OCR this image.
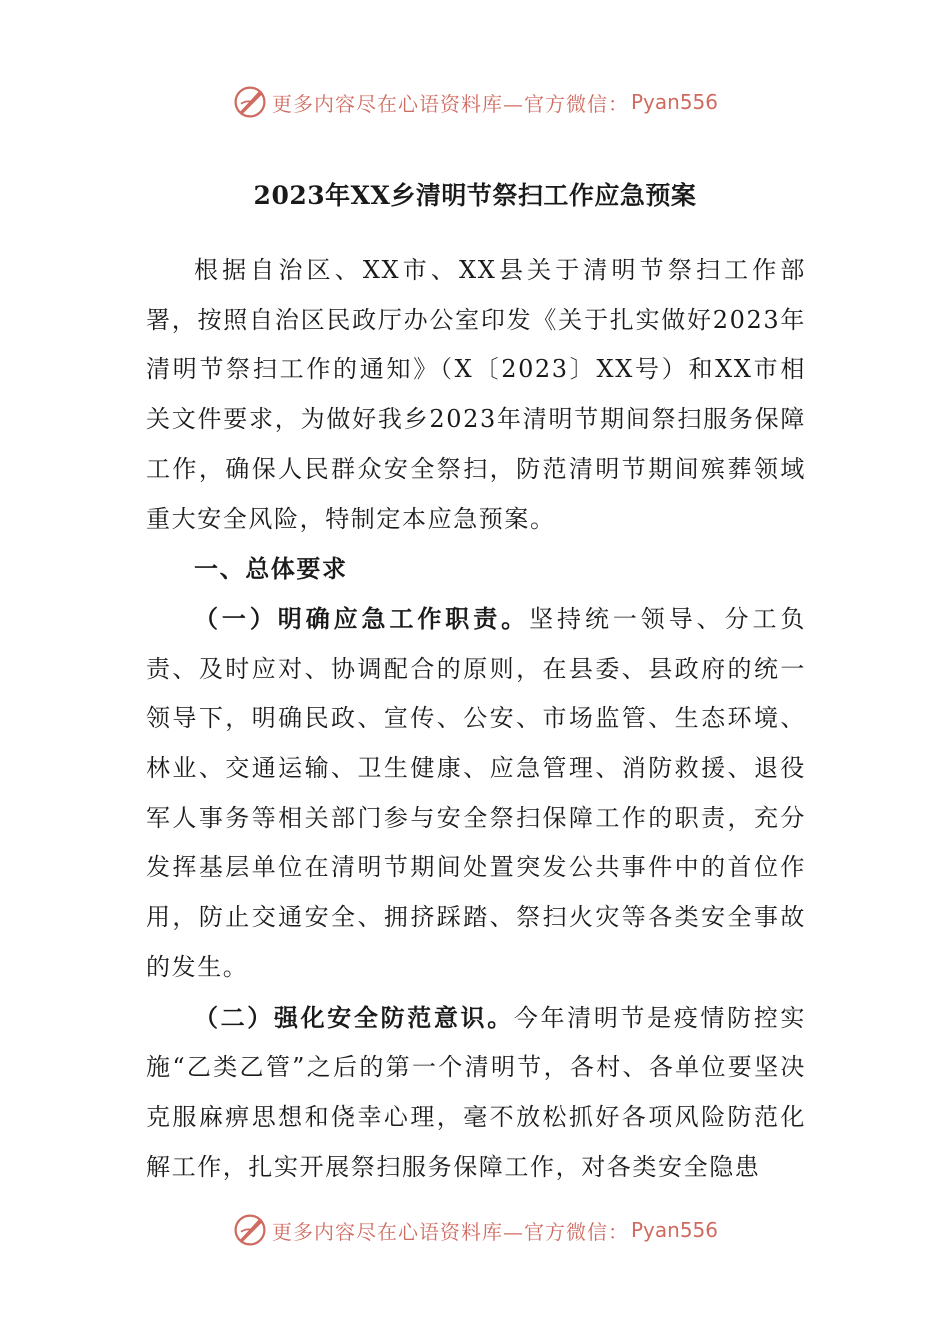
更多内容尽在心语资料库—官方微信： Pyan556
2023年XX乡清明节祭扫工作应急预案

根据自治区、XX市、XX县关于清明节祭扫工作部署，按照自治区民政厅办公室印发《关于扎实做好2023年清明节祭扫工作的通知》（X〔2023〕XX号）和XX市相关文件要求，为做好我乡2023年清明节期间祭扫服务保障工作，确保人民群众安全祭扫，防范清明节期间殡葬领域重大安全风险，特制定本应急预案。

一、总体要求

（一）明确应急工作职责。坚持统一领导、分工负责、及时应对、协调配合的原则，在县委、县政府的统一领导下，明确民政、宣传、公安、市场监管、生态环境、林业、交通运输、卫生健康、应急管理、消防救援、退役军人事务等相关部门参与安全祭扫保障工作的职责，充分发挥基层单位在清明节期间处置突发公共事件中的首位作用，防止交通安全、拥挤踩踏、祭扫火灾等各类安全事故的发生。

（二）强化安全防范意识。今年清明节是疫情防控实施“乙类乙管”之后的第一个清明节，各村、各单位要坚决克服麻痹思想和侥幸心理，毫不放松抓好各项风险防范化解工作，扎实开展祭扫服务保障工作，对各类安全隐患

更多内容尽在心语资料库—官方微信： Pyan556
